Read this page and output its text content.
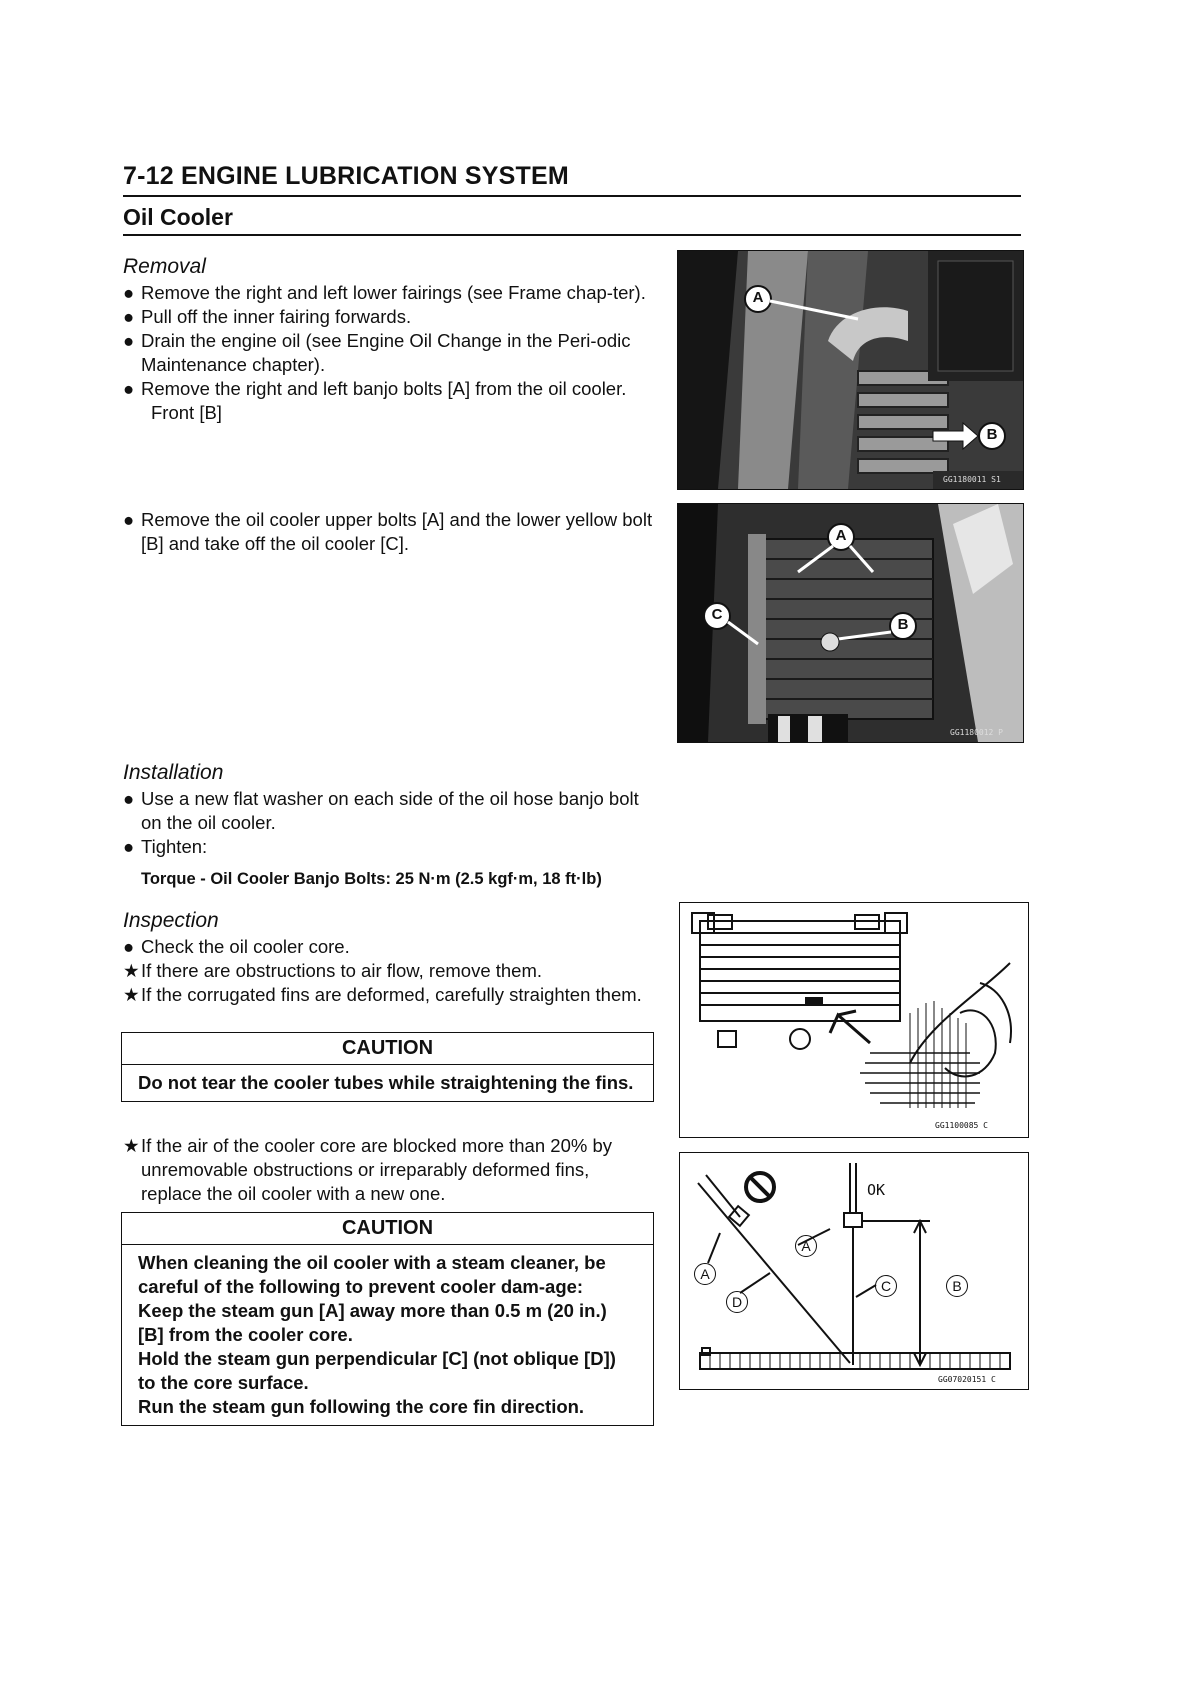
7-12 ENGINE LUBRICATION SYSTEM
Oil Cooler
Removal
● Remove the right and left lower fairings (see Frame chap-ter).
● Pull off the inner fairing forwards.
● Drain the engine oil (see Engine Oil Change in the Peri-odic Maintenance chapter).
● Remove the right and left banjo bolts [A] from the oil cooler.
Front [B]
● Remove the oil cooler upper bolts [A] and the lower yellow bolt [B] and take off the oil cooler [C].
Installation
● Use a new flat washer on each side of the oil hose banjo bolt on the oil cooler.
● Tighten:
Torque - Oil Cooler Banjo Bolts: 25 N·m (2.5 kgf·m, 18 ft·lb)
Inspection
● Check the oil cooler core.
★ If there are obstructions to air flow, remove them.
★ If the corrugated fins are deformed, carefully straighten them.
CAUTION
Do not tear the cooler tubes while straightening the fins.
★ If the air of the cooler core are blocked more than 20% by unremovable obstructions or irreparably deformed fins, replace the oil cooler with a new one.
CAUTION
When cleaning the oil cooler with a steam cleaner, be careful of the following to prevent cooler dam-age:
Keep the steam gun [A] away more than 0.5 m (20 in.) [B] from the cooler core.
Hold the steam gun perpendicular [C] (not oblique [D]) to the core surface.
Run the steam gun following the core fin direction.
A
B
GG1180011 S1
A
C
B
GG1180012 P
GG1100085 C
OK
A
A
D
C	B
GG07020151 C
